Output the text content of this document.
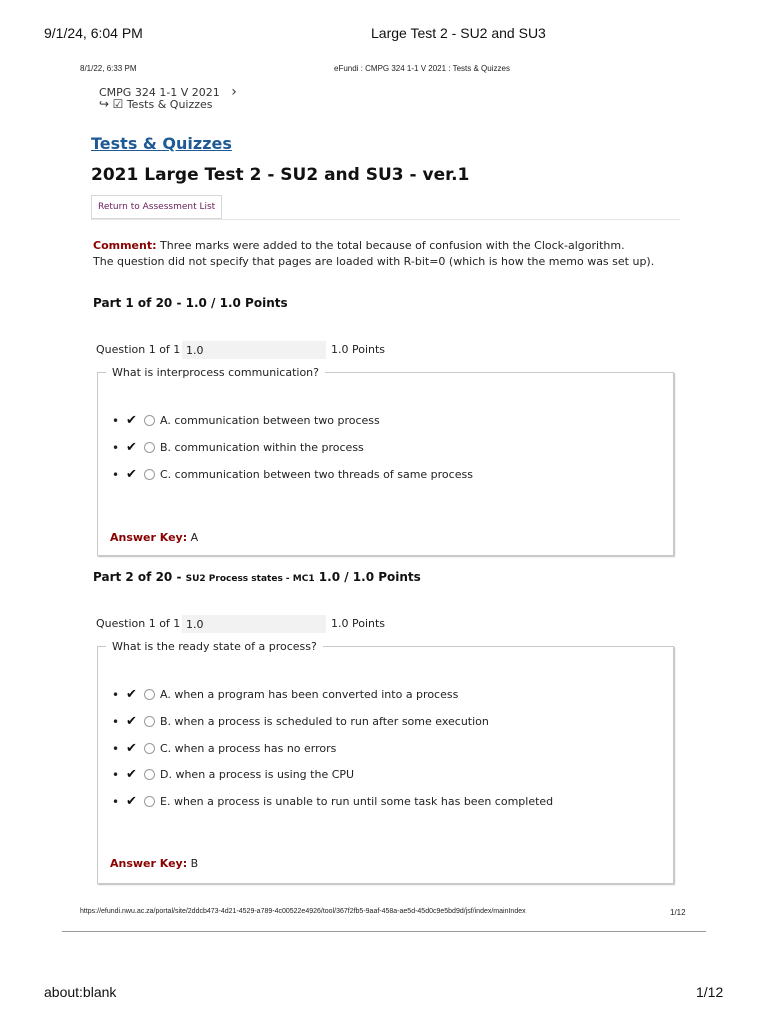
9/1/24, 6:04 PM	Large Test 2 - SU2 and SU3
8/1/22, 6:33 PM	eFundi : CMPG 324 1-1 V 2021 : Tests & Quizzes
CMPG 324 1-1 V 2021 ›
↪ ☑ Tests & Quizzes
Tests & Quizzes
2021 Large Test 2 - SU2 and SU3 - ver.1
Return to Assessment List
Comment: Three marks were added to the total because of confusion with the Clock-algorithm.
The question did not specify that pages are loaded with R-bit=0 (which is how the memo was set up).
Part 1 of 20 - 1.0 / 1.0 Points
Question 1 of 1
1.0	1.0 Points
What is interprocess communication?
• ✔	A. communication between two process
• ✔	B. communication within the process
• ✔	C. communication between two threads of same process
Answer Key: A
Part 2 of 20 - SU2 Process states - MC1 1.0 / 1.0 Points
Question 1 of 1
1.0	1.0 Points
What is the ready state of a process?
• ✔	A. when a program has been converted into a process
• ✔	B. when a process is scheduled to run after some execution
• ✔	C. when a process has no errors
• ✔	D. when a process is using the CPU
• ✔	E. when a process is unable to run until some task has been completed
Answer Key: B
https://efundi.nwu.ac.za/portal/site/2ddcb473-4d21-4529-a789-4c00522e4926/tool/367f2fb5-9aaf-458a-ae5d-45d0c9e5bd9d/jsf/index/mainIndex	1/12
about:blank	1/12
